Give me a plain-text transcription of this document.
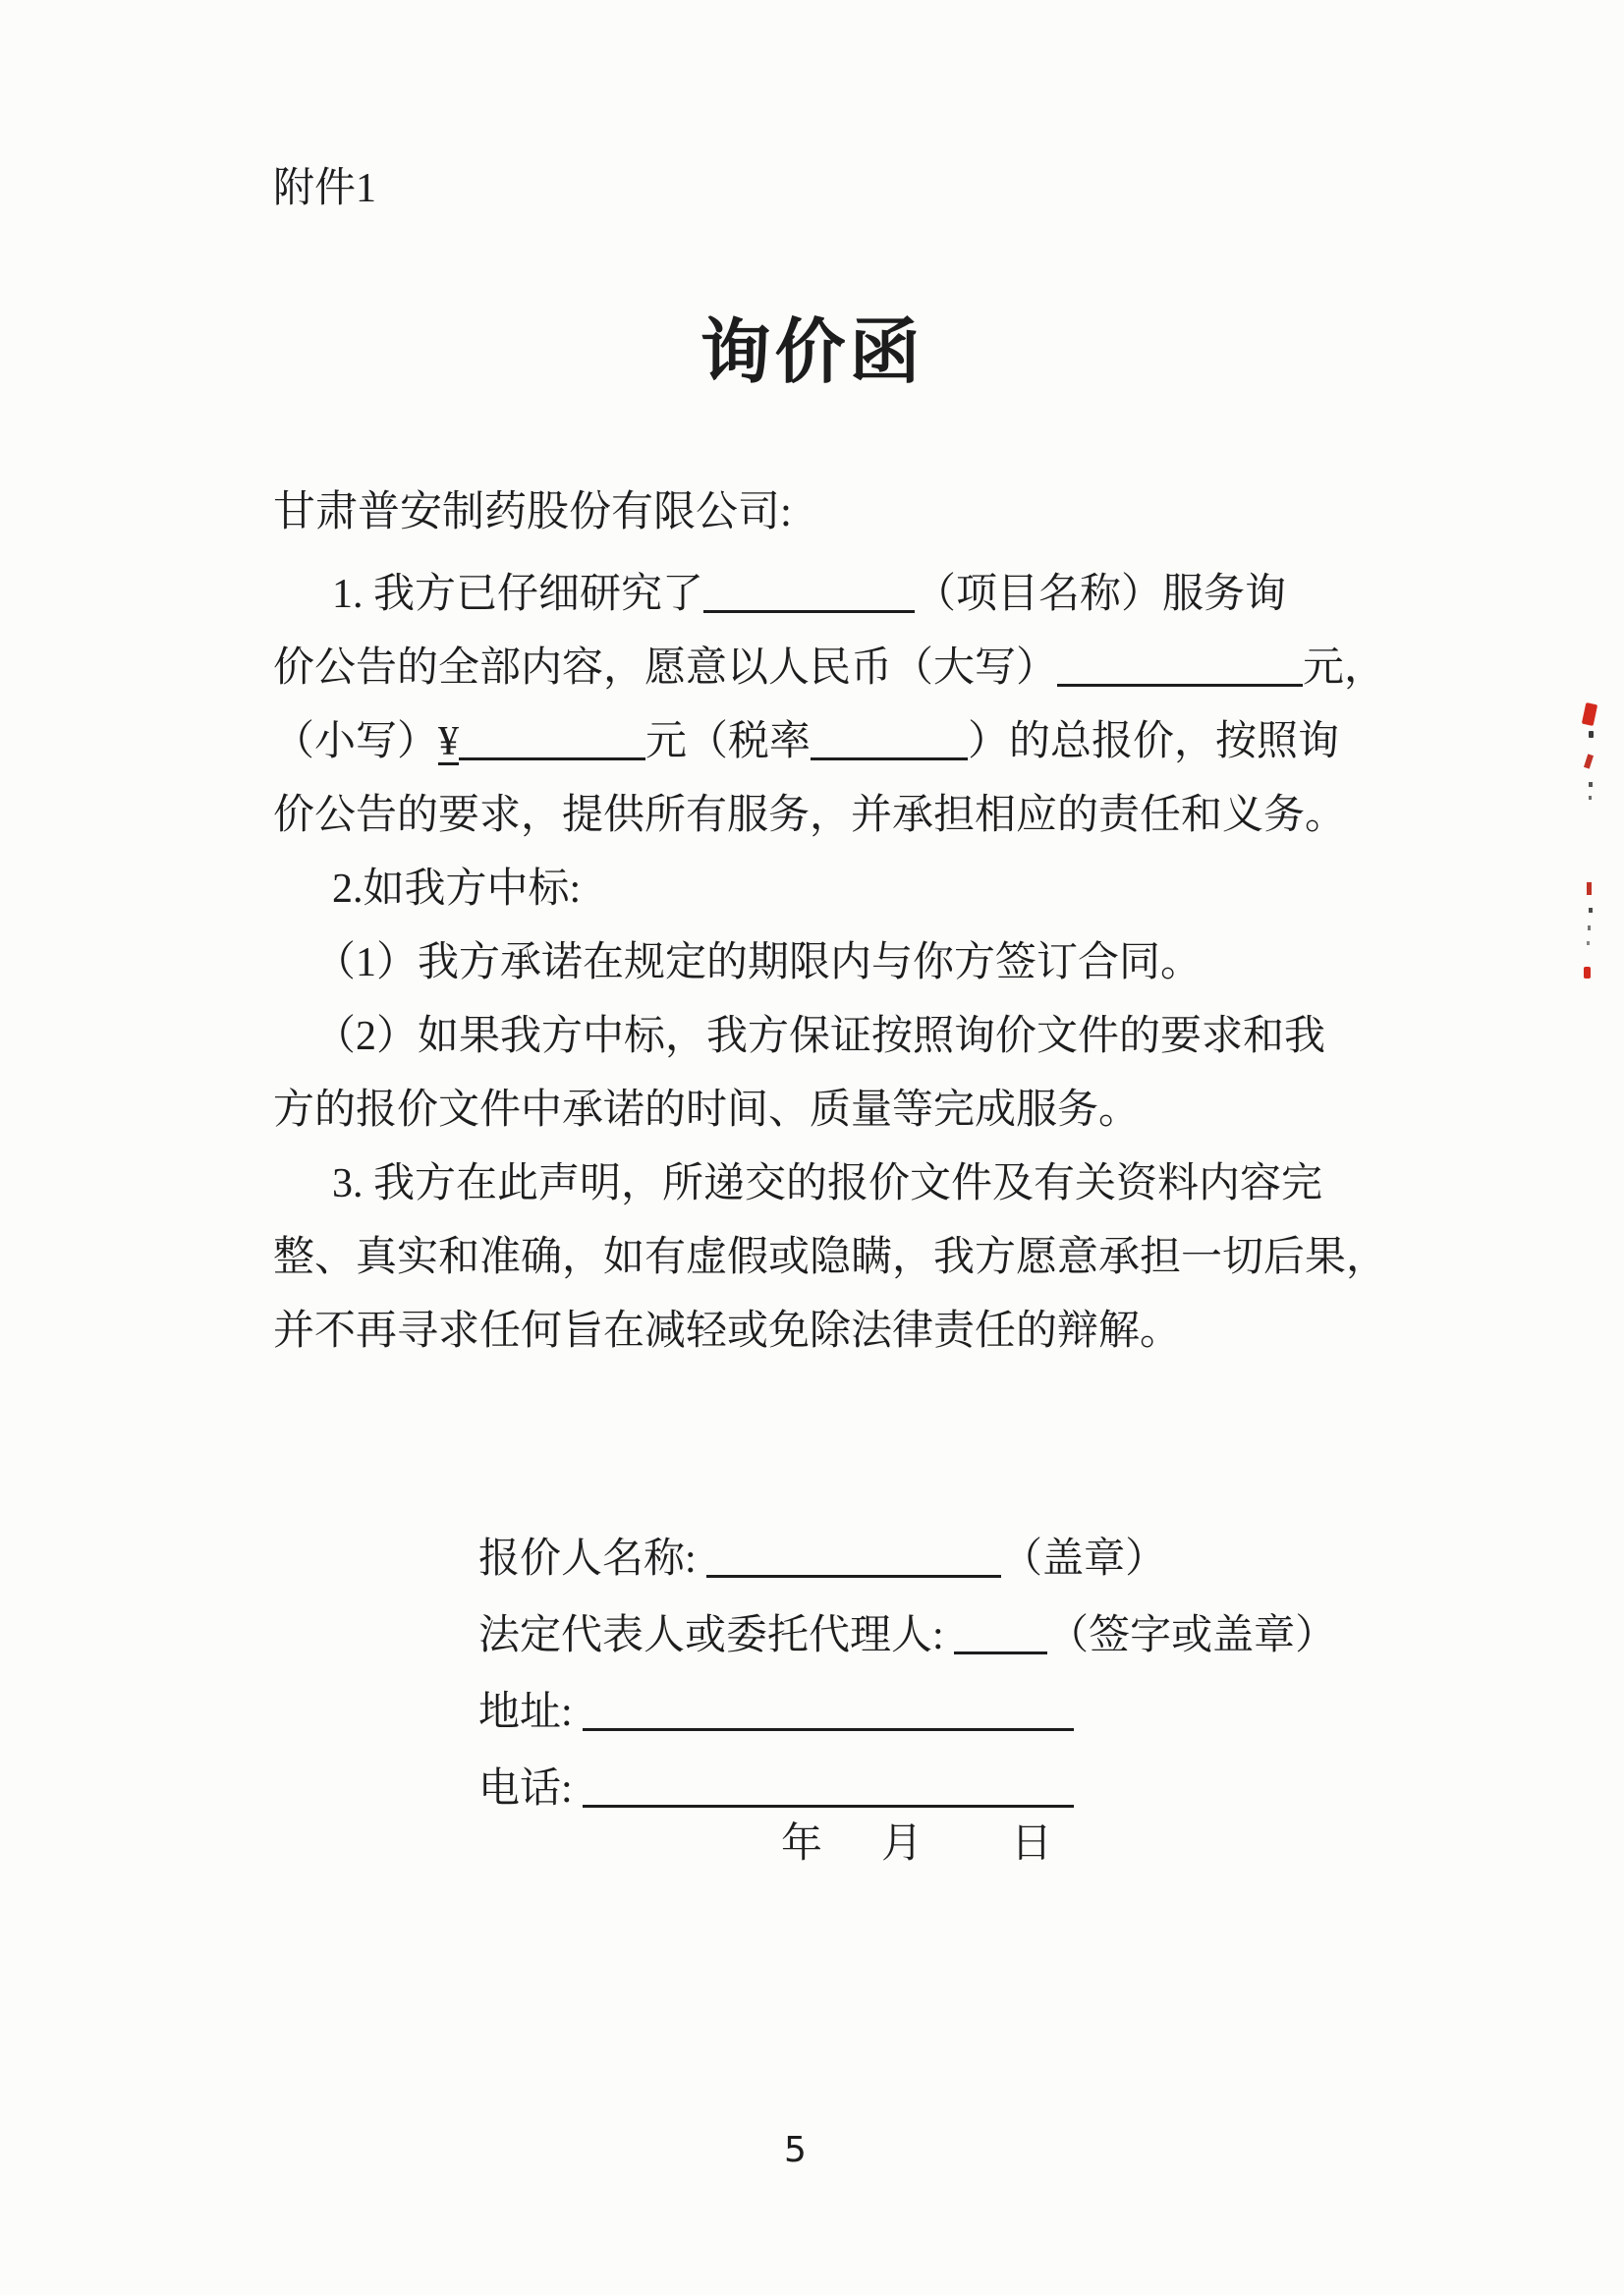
附件1
询价函
甘肃普安制药股份有限公司:
1. 我方已仔细研究了	（项目名称）服务询
价公告的全部内容，愿意以人民币（大写）	元，
（小写）¥	元（税率	）的总报价，按照询
价公告的要求，提供所有服务，并承担相应的责任和义务。
2.如我方中标:
（1）我方承诺在规定的期限内与你方签订合同。
（2）如果我方中标，我方保证按照询价文件的要求和我
方的报价文件中承诺的时间、质量等完成服务。
3. 我方在此声明，所递交的报价文件及有关资料内容完
整、真实和准确，如有虚假或隐瞒，我方愿意承担一切后果，
并不再寻求任何旨在减轻或免除法律责任的辩解。
报价人名称:	（盖章）
法定代表人或委托代理人: （签字或盖章）
地址:
电话:
年 月 日
5
